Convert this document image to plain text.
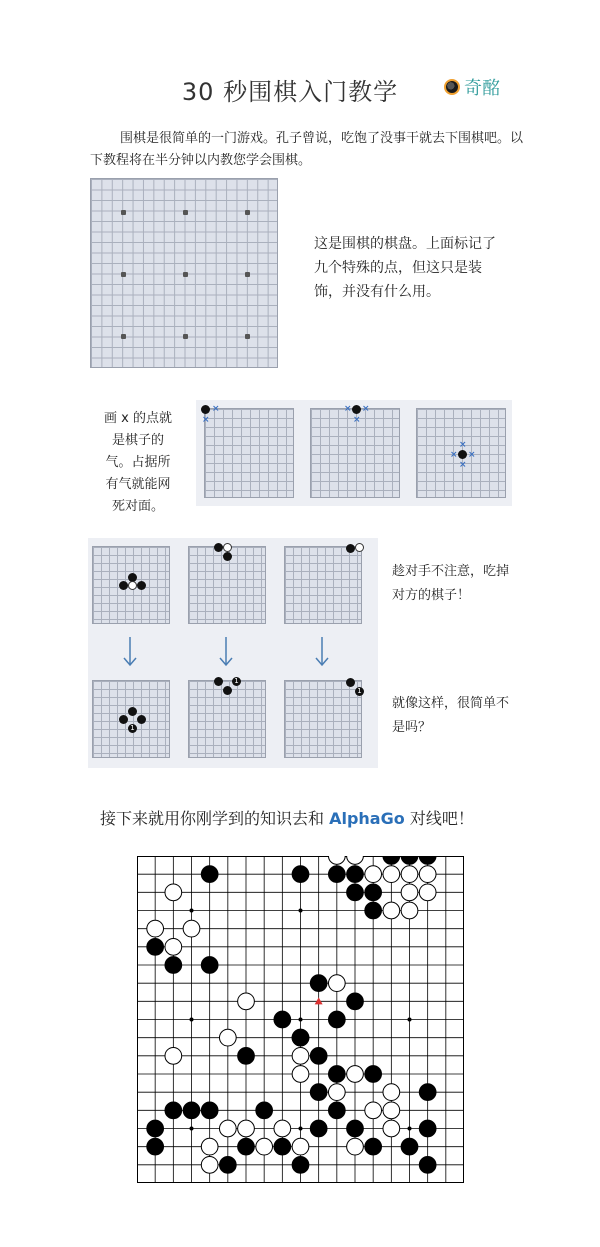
30 秒围棋入门教学	奇酩
围棋是很简单的一门游戏。孔子曾说，吃饱了没事干就去下围棋吧。以下教程将在半分钟以内教您学会围棋。
这是围棋的棋盘。上面标记了九个特殊的点，但这只是装饰，并没有什么用。
画 x 的点就是棋子的气。占据所有气就能网死对面。
×
×
× ×
×
×
× ×
×
1
1
1
趁对手不注意，吃掉对方的棋子！
就像这样，很简单不是吗？
接下来就用你刚学到的知识去和 AlphaGo 对线吧！
